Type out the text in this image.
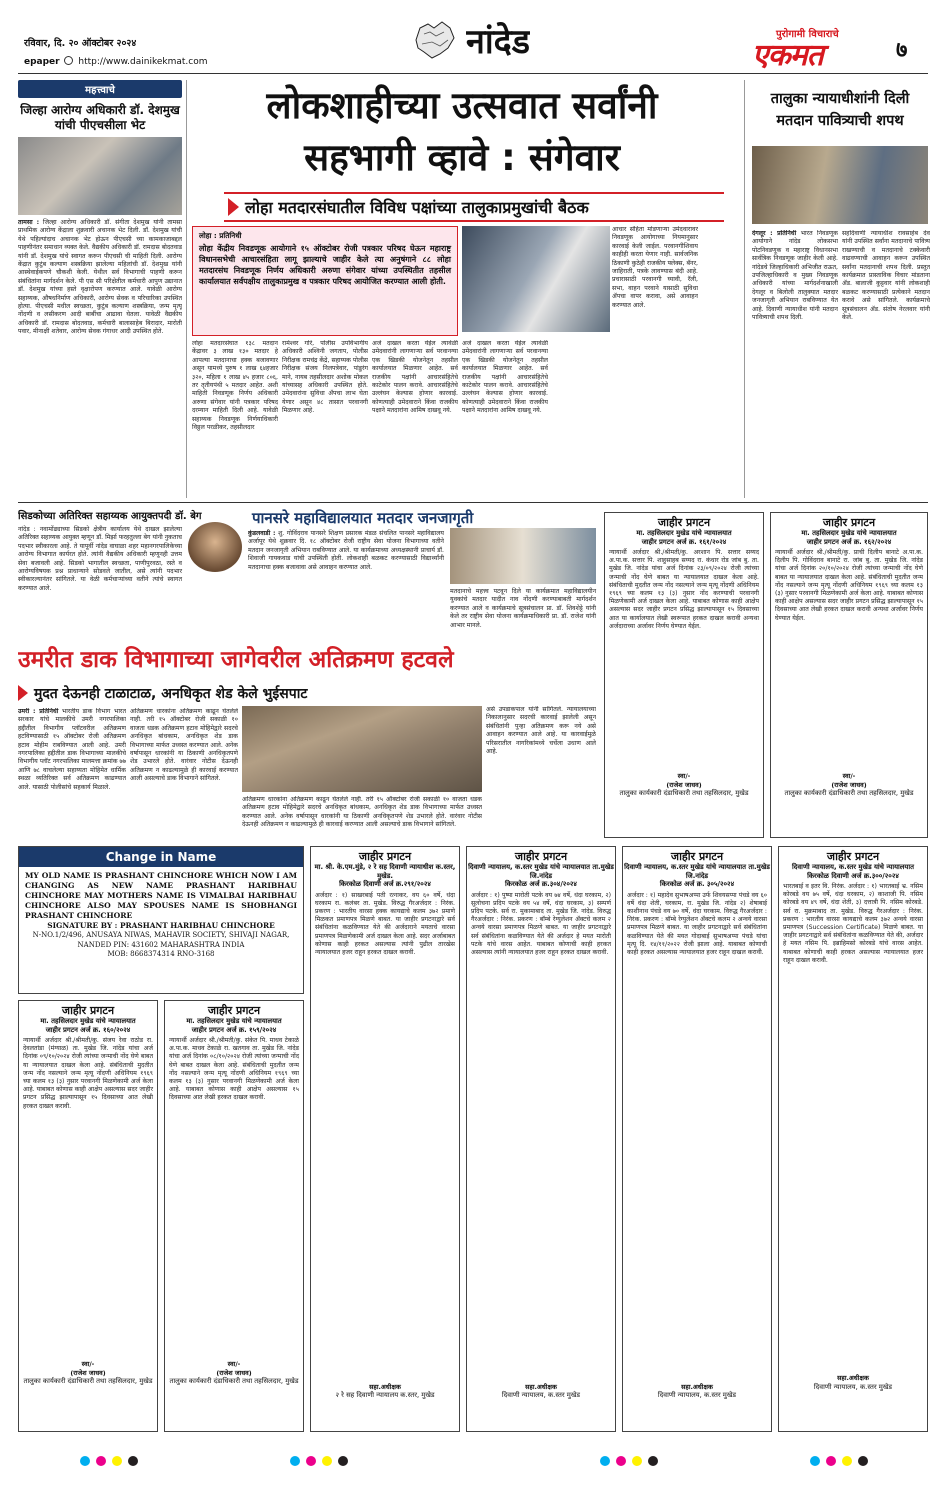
रविवार, दि. २० ऑक्टोबर २०२४
epaper http://www.dainikekmat.com	नांदेड	पुरोगामी विचाराचे
एकमत	७
महत्त्वाचे
जिल्हा आरोग्य अधिकारी डॉ. देशमुख यांची पीएचसीला भेट
तामसा : जिल्हा आरोग्य अधिकारी डॉ. संगीता देशमुख यांनी तामसा प्राथमिक आरोग्य केंद्राला शुक्रवारी अचानक भेट दिली. डॉ. देशमुख यांची येथे पहिल्यांदाच अचानक भेट होऊन पीएचसी च्या कामकाजाबद्दल पाहणीनंतर समाधान व्यक्त केले. वैद्यकीय अधिकारी डॉ. रामदास बोदतवाड यांनी डॉ. देशमुख यांचे स्वागत करून पीएचसी ची माहिती दिली. आरोग्य केंद्रात कुटुंब कल्याण शस्त्रक्रिया झालेल्या महिलांची डॉ. देशमुख यांनी आस्थेवाईकपणे चौकशी केली. येथील सर्व विभागाची पाहणी करून संबंधितांना मार्गदर्शन केले. पी एस सी परिक्षेतील कर्मचारी आपुण उद्यानात डॉ. देशमुख यांच्या हस्ते वृक्षारोपण करण्यात आले. यावेळी आरोग्य सहाय्यक, औषधनिर्माण अधिकारी, आरोग्य सेवक व परिचारिका उपस्थित होत्या. पीएचसी मधील स्वच्छता, कुटुंब कल्याण शस्त्रक्रिया, जन्म मृत्यू नोंदणी व लसीकरण आदी बाबींचा आढावा घेतला. यावेळी वैद्यकीय अधिकारी डॉ. रामदास बोदतवाड, कर्मचारी बालासाहेब बिरादार, मारोती पवार, मीनाक्षी शतेवार, आरोग्य सेवक गंगाधर आदी उपस्थित होते.
लोकशाहीच्या उत्सवात सर्वांनी
सहभागी व्हावे : संगेवार
लोहा मतदारसंघातील विविध पक्षांच्या तालुकाप्रमुखांची बैठक
लोहा : प्रतिनिधी
लोहा केंद्रीय निवडणूक आयोगाने १५ ऑक्टोबर रोजी पत्रकार परिषद घेऊन महाराष्ट्र विधानसभेची आचारसंहिता लागू झाल्याचे जाहीर केले त्या अनुषंगाने ८८ लोहा मतदारसंघ निवडणूक निर्णय अधिकारी अरुणा संगेवार यांच्या उपस्थितीत तहसील कार्यालयात सर्वपक्षीय तालुकाप्रमुख व पत्रकार परिषद आयोजित करण्यात आली होती.
लोहा मतदारसंघात १३८ मतदान केंद्रावर ३ लाख १३० मतदार हे आपल्या मतदानाचा हक्क बजावणार असून यामध्ये पुरुष १ लाख ६४हजार ३२०, महिला १ लाख ४५ हजार ८०६, तर तृतीयपंथी ५ मतदार आहेत. अशी माहिती निवडणूक निर्णय अधिकारी अरुणा संगेवार यांनी पत्रकार परिषद दरम्यान माहिती दिली आहे. यावेळी सहाय्यक निवडणूक निर्णयाधिकारी विठ्ठल परळीकर, तहसीलदार
रामेश्वर गोरे, पोलीस उपविभागीय अधिकारी अश्विनी जगताप, पोलीस निरीक्षक रामचंद्र केंद्रे, सहाय्यक पोलीस निरीक्षक संजय निलपत्रेवार, पांडुरंग माने, नायब तहसीलदार अशोक मोकल यांच्यासह अधिकारी उपस्थित होते. उमेदवारांना सुविधा ॲपचा लाभ घेता येणार असून ४८ तासात परवानगी मिळणार आहे.
अर्ज दाखल करता येईल त्यावेळी उमेदवारांनी लागणाऱ्या सर्व परवानग्या एक खिडकी योजनेतून तहसील कार्यालयात मिळणार आहेत. सर्व राजकीय पक्षांनी आचारसंहितेचे काटेकोर पालन करावे. आचारसंहितेचे उल्लंघन केल्यास होणार कारवाई. कोणत्याही उमेदवाराने किंवा राजकीय पक्षाने मतदारांना आमिष दाखवू नये.
अर्ज दाखल करता येईल त्यावेळी उमेदवारांनी लागणाऱ्या सर्व परवानग्या एक खिडकी योजनेतून तहसील कार्यालयात मिळणार आहेत. सर्व राजकीय पक्षांनी आचारसंहितेचे काटेकोर पालन करावे. आचारसंहितेचे उल्लंघन केल्यास होणार कारवाई. कोणत्याही उमेदवाराने किंवा राजकीय पक्षाने मतदारांना आमिष दाखवू नये.
आचार संहिता मोडणाऱ्या उमेदवारावर निवडणूक आयोगाच्या नियमानुसार कारवाई केली जाईल. परवानगीशिवाय काहीही करता येणार नाही. सार्वजनिक ठिकाणी कुठेही राजकीय फ्लेक्स, बॅनर, जाहिराती, पत्रके लावण्यास बंदी आहे. प्रचारासाठी परवानगी घ्यावी, रॅली, सभा, वाहन परवाने यासाठी सुविधा ॲपचा वापर करावा, असे आवाहन करण्यात आले.
तालुका न्यायाधीशांनी दिली
मतदान पावित्र्याची शपथ
देगलूर : प्रतिनिधी भारत निवडणूक आयोगाने नांदेड लोकसभा पोटनिवडणूक व महाराष्ट्र विधानसभा सार्वत्रिक निवडणूक जाहीर केली आहे. नांदेडचे जिल्हाधिकारी अभिजीत राऊत, उपजिल्हाधिकारी व मुख्य निवडणूक अधिकारी यांच्या मार्गदर्शनाखाली देगलूर व बिलोली तालुक्यात मतदार जनजागृती अभियान राबविण्यात येत आहे. दिवाणी न्यायाधीश यांनी मतदान पावित्र्याची शपथ दिली.
सहदिवाणी न्यायाधीश रावसाहेब देव यांनी उपस्थित सर्वांना मतदानाचे पावित्र्य राखण्याची व मतदानाचे टक्केवारी वाढवण्याची आवाहन करून उपस्थित सर्वांना मतदानाची शपथ दिली. प्रस्तुत कार्यक्रमात प्रास्ताविक विचार मांडताना ॲड. बालाजी कुट्टवार यांनी लोकशाही बळकट करण्यासाठी प्रत्येकाने मतदान करावे असे सांगितले. कार्यक्रमाचे सूत्रसंचालन ॲड. संतोष नेरलवार यांनी केले.
सिडकोच्या अतिरिक्त सहाय्यक आयुक्तपदी डॉ. बेग
नांदेड : नवामोंढ्याच्या सिडको क्षेत्रीय कार्यालय येथे दाखल झालेल्या अतिरिक्त सहाय्यक आयुक्त म्हणून डॉ. मिर्झा फरहतुल्ला बेग यांनी नुकताच पदभार स्वीकारला आहे. ते यापूर्वी नांदेड वाघाळा शहर महानगरपालिकेच्या आरोग्य विभागात कार्यरत होते. त्यांनी वैद्यकीय अधिकारी म्हणूनही उत्तम सेवा बजावली आहे. सिडको भागातील स्वच्छता, पाणीपुरवठा, रस्ते व आरोग्यविषयक प्रश्न प्राधान्याने सोडवले जातील, असे त्यांनी पदभार स्वीकारल्यानंतर सांगितले. या वेळी कर्मचाऱ्यांच्या वतीने त्यांचे स्वागत करण्यात आले.
पानसरे महाविद्यालयात मतदार जनजागृती
कुंडलवाडी : शु. गोविंदराव पानसरे शिक्षण प्रसारक मंडळ संचलित पानसरे महाविद्यालय अर्जापूर येथे शुक्रवार दि. १८ ऑक्टोबर रोजी राष्ट्रीय सेवा योजना विभागाच्या वतीने मतदान जनजागृती अभियान राबविण्यात आले. या कार्यक्रमाच्या अध्यक्षस्थानी प्राचार्य डॉ. शिवाजी गायकवाड यांची उपस्थिती होती. लोकशाही बळकट करण्यासाठी विद्यार्थ्यांनी मतदानाचा हक्क बजावावा असे आवाहन करण्यात आले.
मतदानाचे महत्त्व पटवून दिले या कार्यक्रमात महाविद्यालयीन युवकांचे मतदार यादीत नाव नोंदणी करण्याबाबती मार्गदर्शन करण्यात आले व कार्यक्रमाचे सूत्रसंचालन प्रा. डॉ. शिवशेट्टे यांनी केले तर राष्ट्रीय सेवा योजना कार्यक्रमाधिकारी प्रा. डॉ. राजेश यांनी आभार मानले.
उमरीत डाक विभागाच्या जागेवरील अतिक्रमण हटवले
मुदत देऊनही टाळाटाळ, अनधिकृत शेड केले भुईसपाट
उमरी : प्रतिनिधी भारतीय डाक विभाग भारत सरकार यांचे मालकीचे उमरी नगरपालिका हद्दीतील विभागीय प्लॉटवरील अतिक्रमण हटविण्यासाठी १५ ऑक्टोबर रोजी अतिक्रमण हटाव मोहीम राबविण्यात आली आहे. उमरी नगरपालिका हद्दीतील डाक विभागाच्या मालकीचे विभागीय प्लॉट नगरपालिका मालमत्ता क्रमांक ७७ आणि ७८ वाचलेल्या सहाय्यता मोहिमेत धार्मिक स्थळा व्यतिरिक्त सर्व अतिक्रमण काढण्यात आले. यासाठी पोलीसांचे सहकार्य मिळाले.
अतिक्रमण धारकांना अतिक्रमण काढून घेतलेले नाही. तरी १५ ऑक्टोबर रोजी सकाळी १० वाजता धडक अतिक्रमण हटाव मोहिमेद्वारे सदरचे अनधिकृत बांधकाम, अनधिकृत शेड डाक विभागाच्या मार्फत उध्वस्त करण्यात आले. अनेक वर्षापासून धारकांनी या ठिकाणी अनधिकृतपणे शेड उभारले होते. वारंवार नोटीस देऊनही अतिक्रमण न काढल्यामुळे ही कारवाई करण्यात आली असल्याचे डाक विभागाने सांगितले.
असे उपडाकपाल यांनी सांगितले. न्यायालयाच्या निकालानुसार सदरची कारवाई झालेली असून संबंधितांनी पुन्हा अतिक्रमण करू नये असे आवाहन करण्यात आले आहे. या कारवाईमुळे परिसरातील नागरिकांमध्ये चर्चेला उधाण आले आहे.
अतिक्रमण धारकांना अतिक्रमण काढून घेतलेले नाही. तरी १५ ऑक्टोबर रोजी सकाळी १० वाजता धडक अतिक्रमण हटाव मोहिमेद्वारे सदरचे अनधिकृत बांधकाम, अनधिकृत शेड डाक विभागाच्या मार्फत उध्वस्त करण्यात आले. अनेक वर्षापासून धारकांनी या ठिकाणी अनधिकृतपणे शेड उभारले होते. वारंवार नोटीस देऊनही अतिक्रमण न काढल्यामुळे ही कारवाई करण्यात आली असल्याचे डाक विभागाने सांगितले.
जाहीर प्रगटन
मा. तहसिलदार मुखेड यांचे न्यायालयात
जाहीर प्रगटन अर्ज क्र. १६१/२०२४
न्यायार्थी अर्जदार श्री./श्रीमती/कु. अरशान पि. सत्तार सय्यद अ.पा.क. सत्तार पि. शाहुसाहब सय्यद रा. कंधार रोड जांब बु. ता. मुखेड जि. नांदेड यांचा अर्ज दिनांक २३/०९/२०२४ रोजी त्यांच्या जन्माची नोंद घेणे बाबत या न्यायालयात दाखल केला आहे. संबंधिताची मुदतीत जन्म नोंद नसल्याने जन्म मृत्यू नोंदणी अधिनियम १९६९ च्या कलम १३ (३) नुसार नोंद करण्याची परवानगी मिळणेकामी अर्ज दाखल केला आहे. याबाबत कोणास काही आक्षेप असल्यास सदर जाहीर प्रगटन प्रसिद्ध झाल्यापासून १५ दिवसाच्या आत या कार्यालयात लेखी स्वरूपात हरकत दाखल करावी अन्यथा अर्जदाराच्या अर्जावर निर्णय घेण्यात येईल.
स्वा/-
(राजेश जाधव)
तालुका कार्यकारी दंडाधिकारी तथा तहसिलदार, मुखेड
जाहीर प्रगटन
मा. तहसिलदार मुखेड यांचे न्यायालयात
जाहीर प्रगटन अर्ज क्र. १६२/२०२४
न्यायार्थी अर्जदार श्री./श्रीमती/कु. प्राची दिलीप बानाटे अ.पा.क. दिलीप पि. गोविंदराव बानाटे रा. जांब बु. ता. मुखेड जि. नांदेड यांचा अर्ज दिनांक २०/१०/२०२४ रोजी त्यांच्या जन्माची नोंद घेणे बाबत या न्यायालयात दाखल केला आहे. संबंधिताची मुदतीत जन्म नोंद नसल्याने जन्म मृत्यू नोंदणी अधिनियम १९६९ च्या कलम १३ (३) नुसार परवानगी मिळणेकामी अर्ज केला आहे. याबाबत कोणास काही आक्षेप असल्यास सदर जाहीर प्रगटन प्रसिद्ध झाल्यापासून १५ दिवसाच्या आत लेखी हरकत दाखल करावी अन्यथा अर्जावर निर्णय घेण्यात येईल.
स्वा/-
(राजेश जाधव)
तालुका कार्यकारी दंडाधिकारी तथा तहसिलदार, मुखेड
Change in Name
MY OLD NAME IS PRASHANT CHINCHORE WHICH NOW I AM CHANGING AS NEW NAME PRASHANT HARIBHAU CHINCHORE MAY MOTHERS NAME IS VIMALBAI HARIBHAU CHINCHORE ALSO MAY SPOUSES NAME IS SHOBHANGI PRASHANT CHINCHORE
SIGNATURE BY : PRASHANT HARIBHAU CHINCHORE
N-NO.1/2/496, ANUSAYA NIWAS, MAHAVIR SOCIETY, SHIVAJI NAGAR, NANDED PIN: 431602 MAHARASHTRA INDIA
MOB: 8668374314 RNO-3168
जाहीर प्रगटन
मा. तहसिलदार मुखेड यांचे न्यायालयात
जाहीर प्रगटन अर्ज क्र. १६०/२०२४
न्यायार्थी अर्जदार श्री./श्रीमती/कु. संजय रेवा राठोड रा. देवलतांडा (मंग्याळ) ता. मुखेड जि. नांदेड यांचा अर्ज दिनांक ०९/१०/२०२४ रोजी त्यांच्या जन्माची नोंद घेणे बाबत या न्यायालयात दाखल केला आहे. संबंधिताची मुदतीत जन्म नोंद नसल्याने जन्म मृत्यू नोंदणी अधिनियम १९६९ च्या कलम १३ (३) नुसार परवानगी मिळणेकामी अर्ज केला आहे. याबाबत कोणास काही आक्षेप असल्यास सदर जाहीर प्रगटन प्रसिद्ध झाल्यापासून १५ दिवसाच्या आत लेखी हरकत दाखल करावी.
स्वा/-
(राजेश जाधव)
तालुका कार्यकारी दंडाधिकारी तथा तहसिलदार, मुखेड
जाहीर प्रगटन
मा. तहसिलदार मुखेड यांचे न्यायालयात
जाहीर प्रगटन अर्ज क्र. १५९/२०२४
न्यायार्थी अर्जदार श्री./श्रीमती/कु. संकेत पि. माधव टेकाळे अ.पा.क. माधव टेकाळे रा. खतगाव ता. मुखेड जि. नांदेड यांचा अर्ज दिनांक ०८/१०/२०२४ रोजी त्यांच्या जन्माची नोंद घेणे बाबत दाखल केला आहे. संबंधिताची मुदतीत जन्म नोंद नसल्याने जन्म मृत्यू नोंदणी अधिनियम १९६९ च्या कलम १३ (३) नुसार परवानगी मिळणेकामी अर्ज केला आहे. याबाबत कोणास काही आक्षेप असल्यास १५ दिवसाच्या आत लेखी हरकत दाखल करावी.
स्वा/-
(राजेश जाधव)
तालुका कार्यकारी दंडाधिकारी तथा तहसिलदार, मुखेड
जाहीर प्रगटन
मा. श्री. के.एम.मुंडे, २ रे सह दिवाणी न्यायाधीश क.स्तर, मुखेड.
किरकोळ दिवाणी अर्ज क्र.२९१/२०२४
अर्जदार : १) साखरबाई पती रत्नाकर, वय ६० वर्षे, धंदा घरकाम रा. कलंबर ता. मुखेड. विरुद्ध गैरअर्जदार : निरंक. प्रकरण : भारतीय वारसा हक्क कायद्याचे कलम ३७२ प्रमाणे मिळकत प्रमाणपत्र मिळणे बाबत. या जाहीर प्रगटनाद्वारे सर्व संबंधितांना कळविण्यात येते की अर्जदाराने मयताचे वारसा प्रमाणपत्र मिळणेकामी अर्ज दाखल केला आहे. सदर अर्जाबाबत कोणास काही हरकत असल्यास त्यांनी पुढील तारखेस न्यायालयात हजर राहून हरकत दाखल करावी.
सहा.अधीक्षक
२ रे सह दिवाणी न्यायालय क.स्तर, मुखेड
जाहीर प्रगटन
दिवाणी न्यायालय, क.स्तर मुखेड यांचे न्यायालयात ता.मुखेड जि.नांदेड
किरकोळ अर्ज क्र.३०४/२०२४
अर्जदार : १) पुष्पा मारोती पटके वय ७४ वर्षे, धंदा घरकाम, २) सुलोचना प्रदिप पटके वय ५४ वर्षे, धंदा घरकाम, ३) सम्पर्ण प्रदिप पटके. सर्व रा. मुकामाबाद ता. मुखेड जि. नांदेड. विरुद्ध गैरअर्जदार : निरंक. प्रकरण : बॉम्बे रेग्युलेशन ॲक्टचे कलम २ अन्वये वारसा प्रमाणपत्र मिळणे बाबत. या जाहीर प्रगटनाद्वारे सर्व संबंधितांना कळविण्यात येते की अर्जदार हे मयत मारोती पटके यांचे वारस आहेत. याबाबत कोणाची काही हरकत असल्यास त्यांनी न्यायालयात हजर राहून हरकत दाखल करावी.
सहा.अधीक्षक
दिवाणी न्यायालय, क.स्तर मुखेड
जाहीर प्रगटन
दिवाणी न्यायालय, क.स्तर मुखेड यांचे न्यायालयात ता.मुखेड जि.नांदेड
किरकोळ अर्ज क्र. ३०५/२०२४
अर्जदार : १) महादेव सुभाषअप्पा उर्फ शिवयसप्पा पंचडे वय ६० वर्षे धंदा शेती, घरकाम, रा. मुखेड जि. नांदेड २) शेषाबाई काशीनाथ पंचडे वय ७० वर्षे, धंदा घरकाम. विरुद्ध गैरअर्जदार : निरंक. प्रकरण : बॉम्बे रेग्युलेशन ॲक्टचे कलम २ अन्वये वारसा प्रमाणपत्र मिळणे बाबत. या जाहीर प्रगटनाद्वारे सर्व संबंधितांना कळविण्यात येते की मयत गोदाबाई सुभाषअप्पा पंचडे यांचा मृत्यू दि. १४/११/२०२२ रोजी झाला आहे. याबाबत कोणाची काही हरकत असल्यास न्यायालयात हजर राहून दाखल करावी.
सहा.अधीक्षक
दिवाणी न्यायालय, क.स्तर मुखेड
जाहीर प्रगटन
दिवाणी न्यायालय, क.स्तर मुखेड यांचे न्यायालयात
किरकोळ दिवाणी अर्ज क्र.३००/२०२४
भारतबाई व इतर वि. निरंक. अर्जदार : १) भारतबाई भ्र. नसिम कोरबडे वय ७५ वर्षे, धंदा घरकाम, २) काशाजी पि. नसिम कोरबडे वय ४९ वर्षे, धंदा शेती, ३) दत्तात्री पि. नसिम कोरबडे. सर्व रा. मुक्रमाबाद ता. मुखेड. विरुद्ध गैरअर्जदार : निरंक. प्रकरण : भारतीय वारसा कायद्याचे कलम ३७२ अन्वये वारसा प्रमाणपत्र (Succession Certificate) मिळणे बाबत. या जाहीर प्रगटनाद्वारे सर्व संबंधितांना कळविण्यात येते की, अर्जदार हे मयत नसिम पि. इब्राहिमसो कोरबडे यांचे वारस आहेत. याबाबत कोणाची काही हरकत असल्यास न्यायालयात हजर राहून दाखल करावी.
सहा.अधीक्षक
दिवाणी न्यायालय, क.स्तर मुखेड
